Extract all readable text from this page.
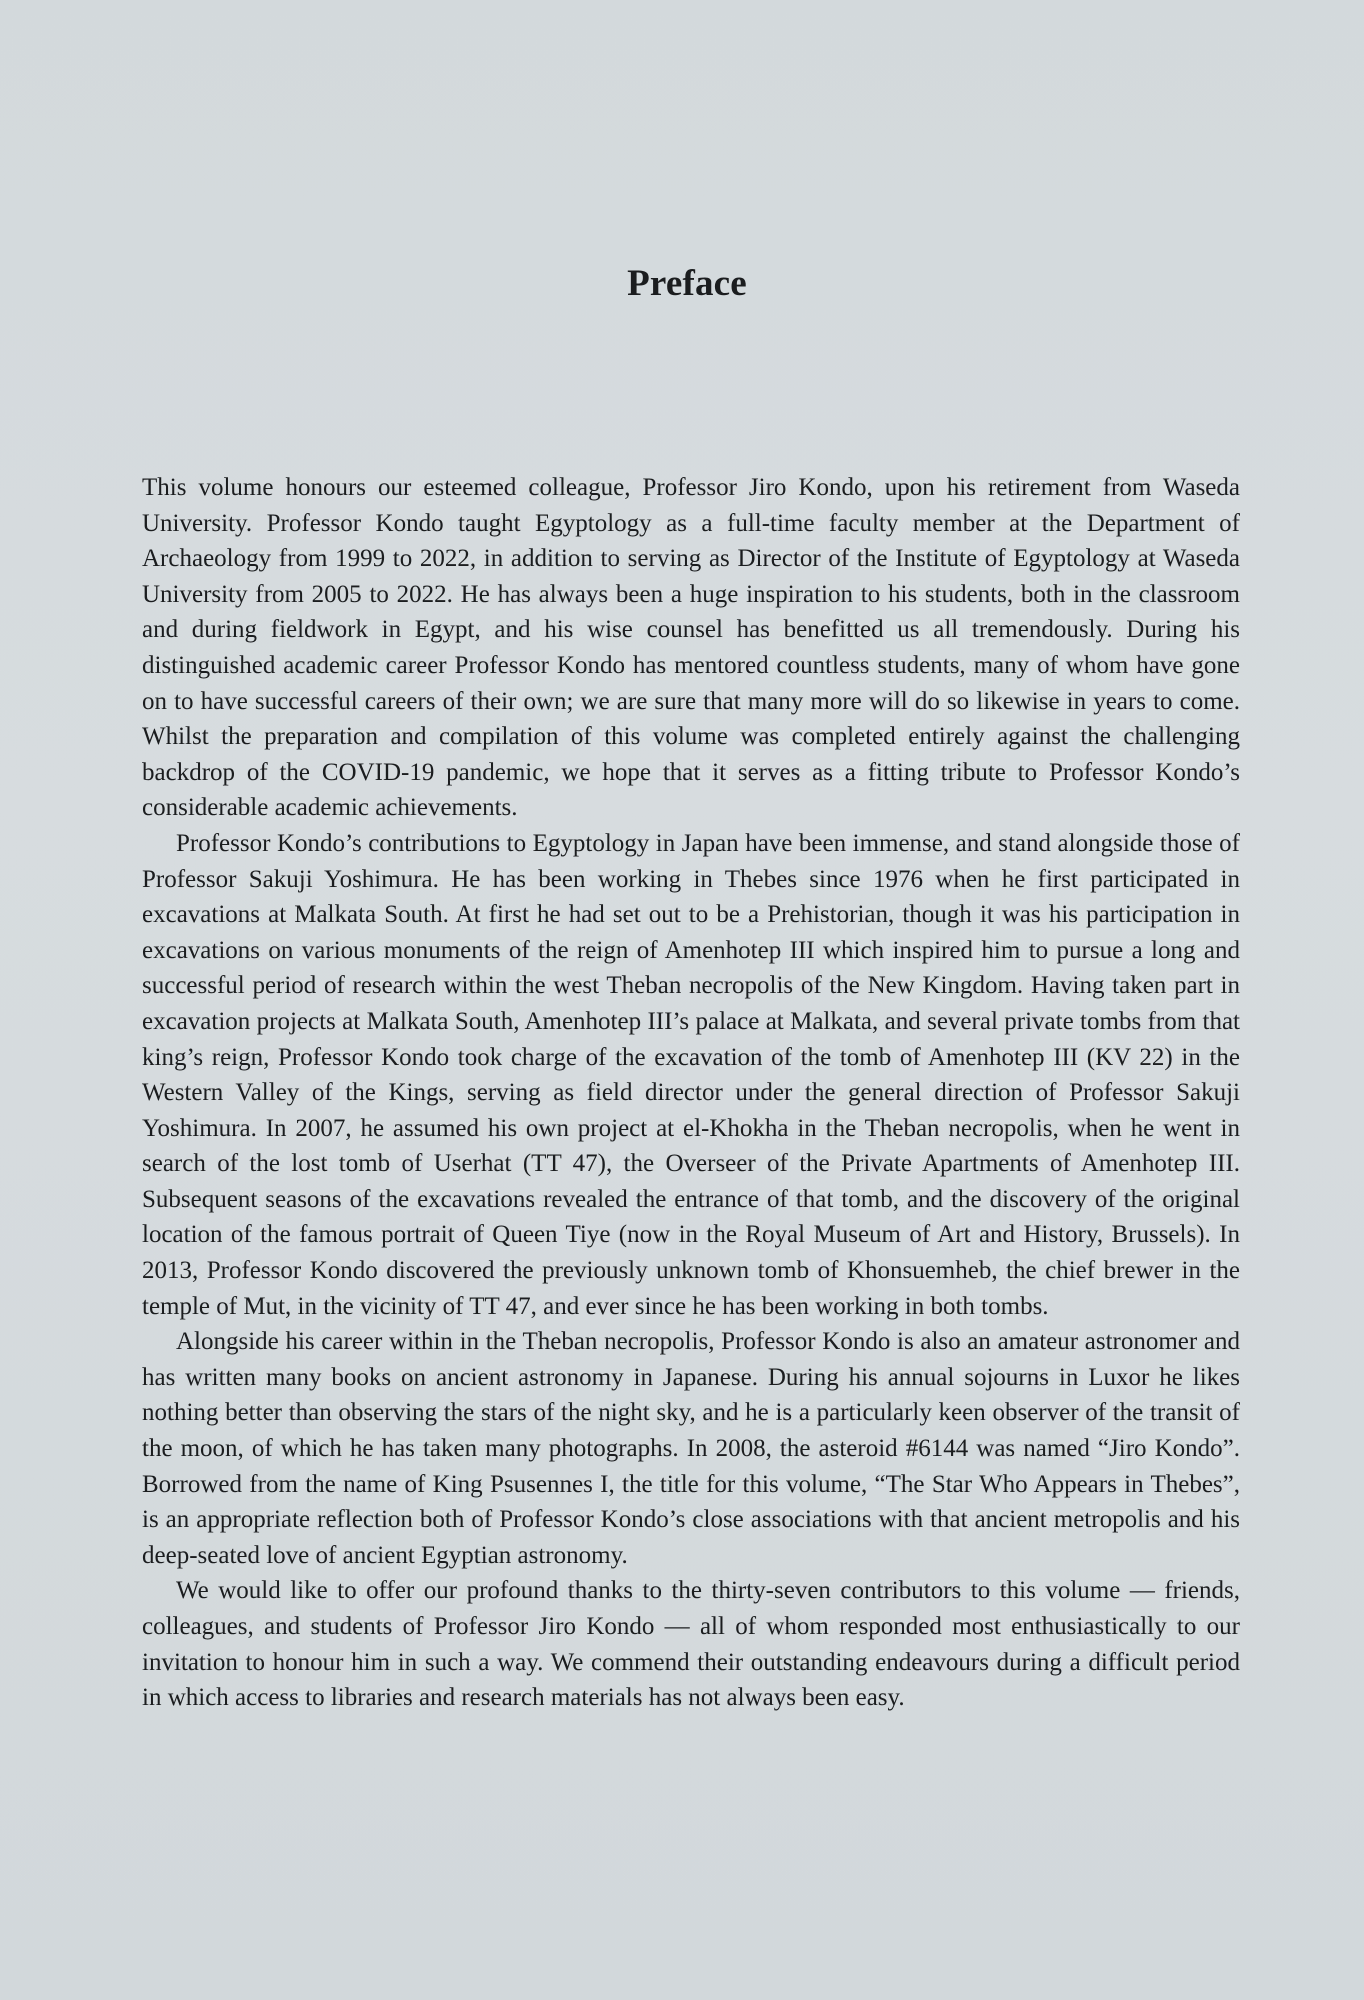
Preface

This volume honours our esteemed colleague, Professor Jiro Kondo, upon his retirement from Waseda University. Professor Kondo taught Egyptology as a full-time faculty member at the Department of Archaeology from 1999 to 2022, in addition to serving as Director of the Institute of Egyptology at Waseda University from 2005 to 2022. He has always been a huge inspiration to his students, both in the classroom and during fieldwork in Egypt, and his wise counsel has benefitted us all tremendously. During his distinguished academic career Professor Kondo has mentored countless students, many of whom have gone on to have successful careers of their own; we are sure that many more will do so likewise in years to come. Whilst the preparation and compilation of this volume was completed entirely against the challenging backdrop of the COVID-19 pandemic, we hope that it serves as a fitting tribute to Professor Kondo’s considerable academic achievements.

Professor Kondo’s contributions to Egyptology in Japan have been immense, and stand alongside those of Professor Sakuji Yoshimura. He has been working in Thebes since 1976 when he first participated in excavations at Malkata South. At first he had set out to be a Prehistorian, though it was his participation in excavations on various monuments of the reign of Amenhotep III which inspired him to pursue a long and successful period of research within the west Theban necropolis of the New Kingdom. Having taken part in excavation projects at Malkata South, Amenhotep III’s palace at Malkata, and several private tombs from that king’s reign, Professor Kondo took charge of the excavation of the tomb of Amenhotep III (KV 22) in the Western Valley of the Kings, serving as field director under the general direction of Professor Sakuji Yoshimura. In 2007, he assumed his own project at el-Khokha in the Theban necropolis, when he went in search of the lost tomb of Userhat (TT 47), the Overseer of the Private Apartments of Amenhotep III. Subsequent seasons of the excavations revealed the entrance of that tomb, and the discovery of the original location of the famous portrait of Queen Tiye (now in the Royal Museum of Art and History, Brussels). In 2013, Professor Kondo discovered the previously unknown tomb of Khonsuemheb, the chief brewer in the temple of Mut, in the vicinity of TT 47, and ever since he has been working in both tombs.

Alongside his career within in the Theban necropolis, Professor Kondo is also an amateur astronomer and has written many books on ancient astronomy in Japanese. During his annual sojourns in Luxor he likes nothing better than observing the stars of the night sky, and he is a particularly keen observer of the transit of the moon, of which he has taken many photographs. In 2008, the asteroid #6144 was named “Jiro Kondo”. Borrowed from the name of King Psusennes I, the title for this volume, “The Star Who Appears in Thebes”, is an appropriate reflection both of Professor Kondo’s close associations with that ancient metropolis and his deep-seated love of ancient Egyptian astronomy.

We would like to offer our profound thanks to the thirty-seven contributors to this volume — friends, colleagues, and students of Professor Jiro Kondo — all of whom responded most enthusiastically to our invitation to honour him in such a way. We commend their outstanding endeavours during a difficult period in which access to libraries and research materials has not always been easy.
